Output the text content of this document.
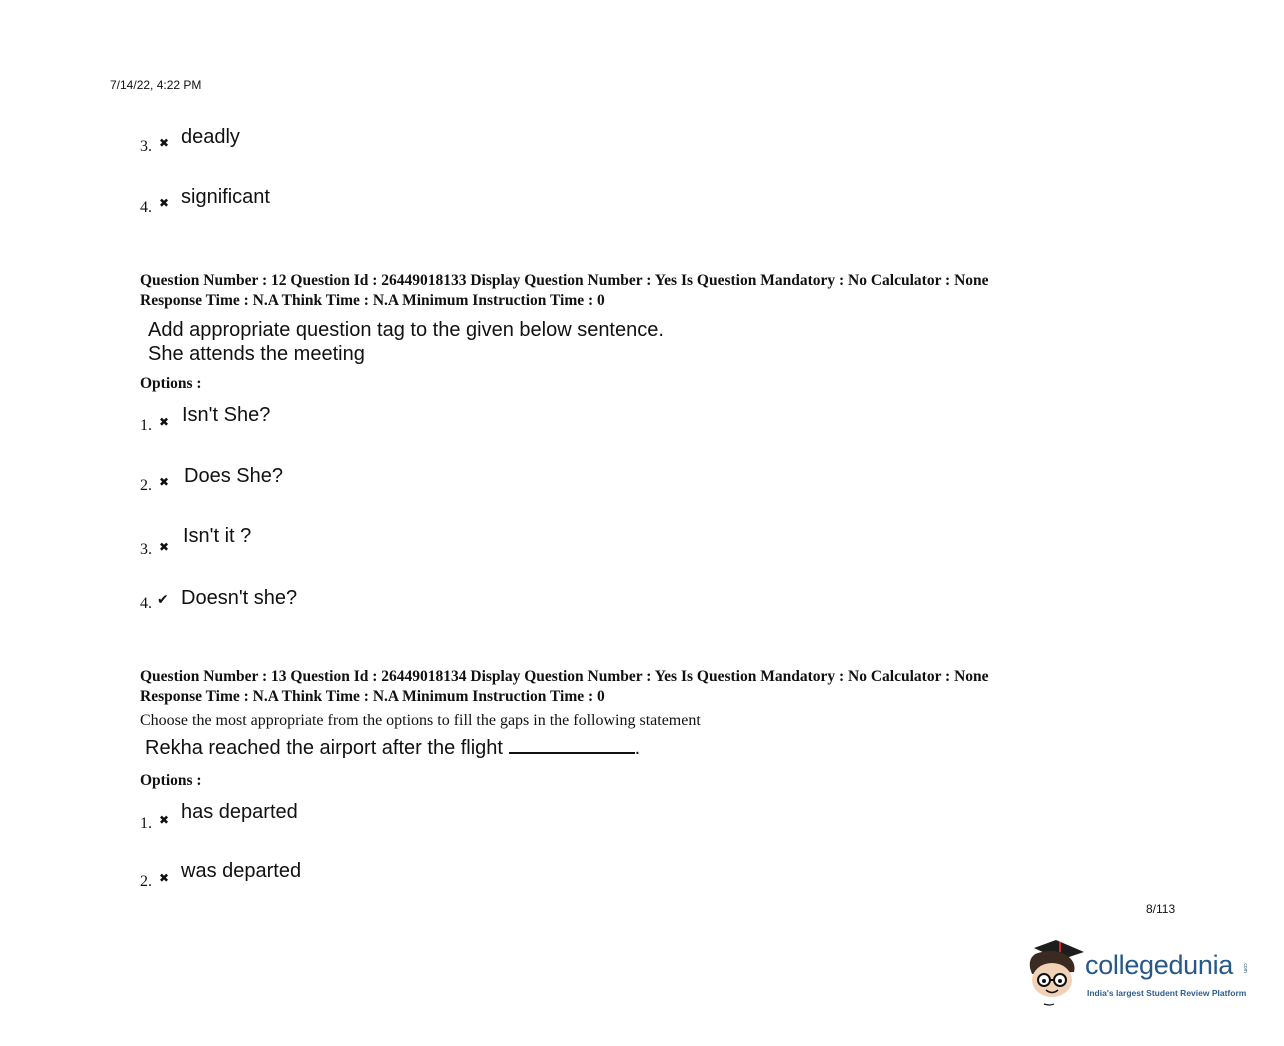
7/14/22, 4:22 PM
3. ✖ deadly
4. ✖ significant
Question Number : 12 Question Id : 26449018133 Display Question Number : Yes Is Question Mandatory : No Calculator : None
Response Time : N.A Think Time : N.A Minimum Instruction Time : 0
Add appropriate question tag to the given below sentence.
She attends the meeting
Options :
1. ✖ Isn't She?
2. ✖ Does She?
3. ✖ Isn't it ?
4. ✔ Doesn't she?
Question Number : 13 Question Id : 26449018134 Display Question Number : Yes Is Question Mandatory : No Calculator : None
Response Time : N.A Think Time : N.A Minimum Instruction Time : 0
Choose the most appropriate from the options to fill the gaps in the following statement
Rekha reached the airport after the flight	.
Options :
1. ✖ has departed
2. ✖ was departed
8/113
collegedunia .com
India's largest Student Review Platform
